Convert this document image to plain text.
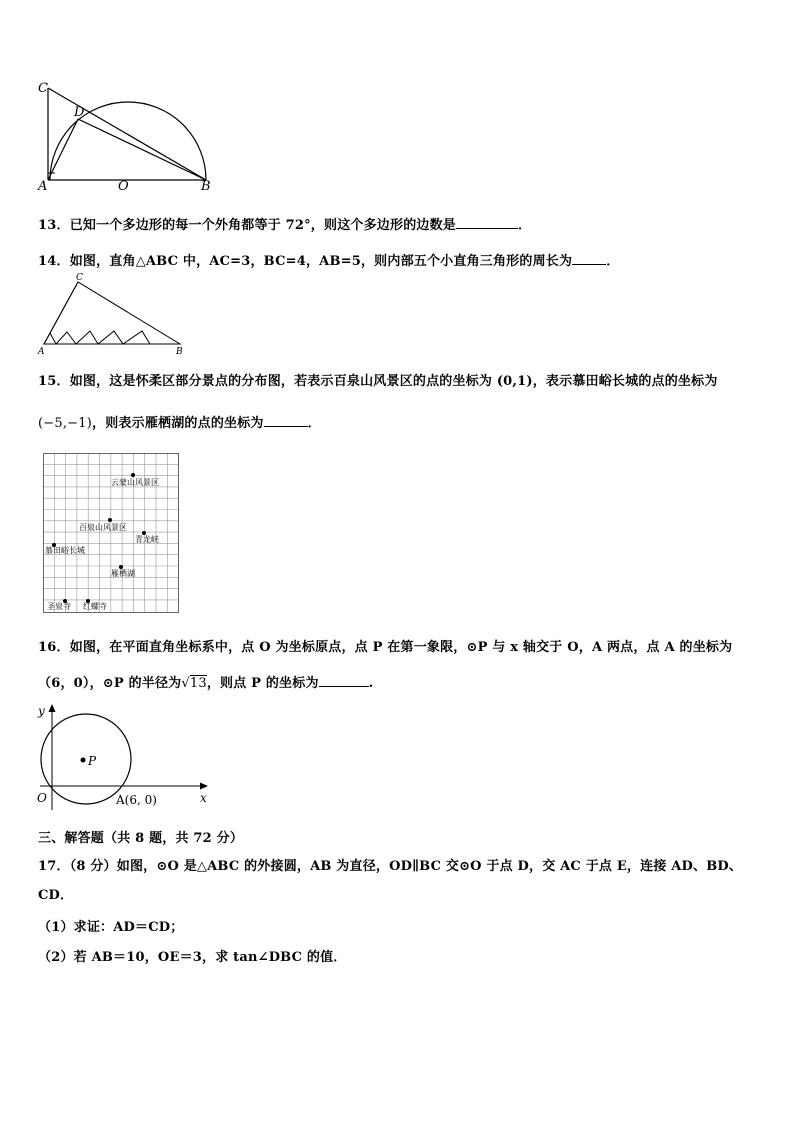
C
D
A	O	B
13．已知一个多边形的每一个外角都等于 72°，则这个多边形的边数是	．
14．如图，直角△ABC 中，AC=3，BC=4，AB=5，则内部五个小直角三角形的周长为	．
C
A	B
15．如图，这是怀柔区部分景点的分布图，若表示百泉山风景区的点的坐标为 (0,1)，表示慕田峪长城的点的坐标为
(−5,−1)，则表示雁栖湖的点的坐标为	．
云蒙山风景区
百泉山风景区
青龙峡
慕田峪长城
雁栖湖
圣泉寺 红螺寺
16．如图，在平面直角坐标系中，点 O 为坐标原点，点 P 在第一象限，⊙P 与 x 轴交于 O，A 两点，点 A 的坐标为
（6，0），⊙P 的半径为√13，则点 P 的坐标为	.
y
x
O
P
A(6, 0)
三、解答题（共 8 题，共 72 分）
17．（8 分）如图，⊙O 是△ABC 的外接圆，AB 为直径，OD∥BC 交⊙O 于点 D，交 AC 于点 E，连接 AD、BD、
CD．
（1）求证：AD＝CD；
（2）若 AB＝10，OE＝3，求 tan∠DBC 的值．
